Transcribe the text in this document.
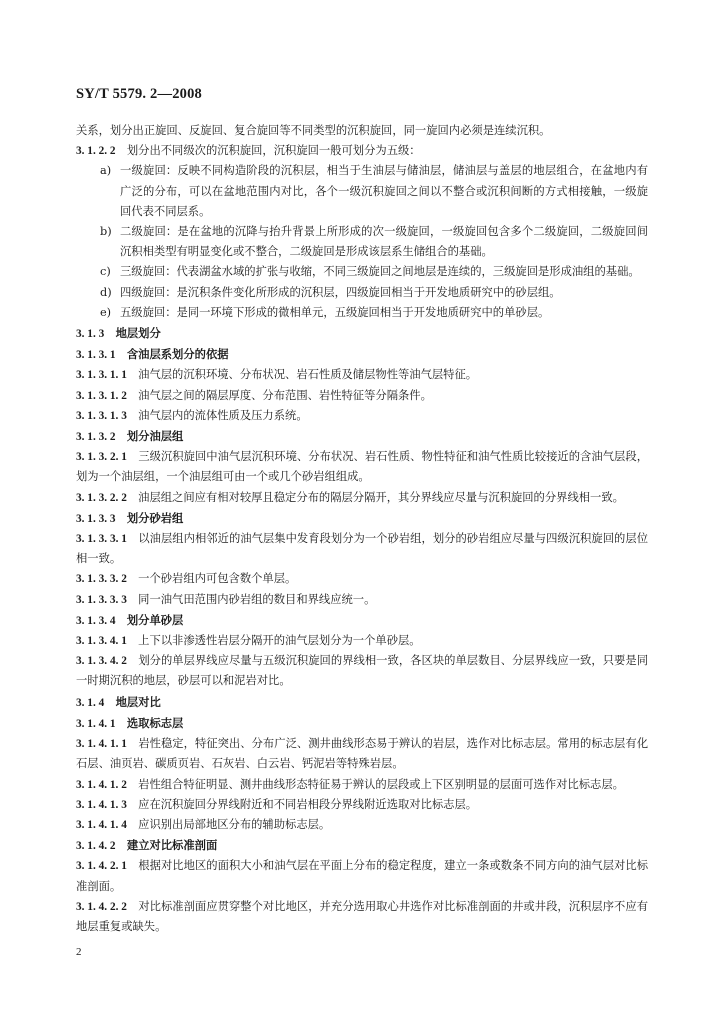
SY/T 5579. 2—2008

关系，划分出正旋回、反旋回、复合旋回等不同类型的沉积旋回，同一旋回内必须是连续沉积。

3. 1. 2. 2　 划分出不同级次的沉积旋回，沉积旋回一般可划分为五级：

a) 一级旋回：反映不同构造阶段的沉积层，相当于生油层与储油层，储油层与盖层的地层组合，在盆地内有广泛的分布，可以在盆地范围内对比，各个一级沉积旋回之间以不整合或沉积间断的方式相接触，一级旋回代表不同层系。
b) 二级旋回：是在盆地的沉降与抬升背景上所形成的次一级旋回，一级旋回包含多个二级旋回，二级旋回间沉积相类型有明显变化或不整合，二级旋回是形成该层系生储组合的基础。
c) 三级旋回：代表湖盆水域的扩张与收缩，不同三级旋回之间地层是连续的，三级旋回是形成油组的基础。
d) 四级旋回：是沉积条件变化所形成的沉积层，四级旋回相当于开发地质研究中的砂层组。
e) 五级旋回：是同一环境下形成的微相单元，五级旋回相当于开发地质研究中的单砂层。

3. 1. 3　 地层划分

3. 1. 3. 1　 含油层系划分的依据

3. 1. 3. 1. 1　 油气层的沉积环境、分布状况、岩石性质及储层物性等油气层特征。

3. 1. 3. 1. 2　 油气层之间的隔层厚度、分布范围、岩性特征等分隔条件。

3. 1. 3. 1. 3　 油气层内的流体性质及压力系统。

3. 1. 3. 2　 划分油层组

3. 1. 3. 2. 1　 三级沉积旋回中油气层沉积环境、分布状况、岩石性质、物性特征和油气性质比较接近的含油气层段，划为一个油层组，一个油层组可由一个或几个砂岩组组成。

3. 1. 3. 2. 2　 油层组之间应有相对较厚且稳定分布的隔层分隔开，其分界线应尽量与沉积旋回的分界线相一致。

3. 1. 3. 3　 划分砂岩组

3. 1. 3. 3. 1　 以油层组内相邻近的油气层集中发育段划分为一个砂岩组，划分的砂岩组应尽量与四级沉积旋回的层位相一致。

3. 1. 3. 3. 2　 一个砂岩组内可包含数个单层。

3. 1. 3. 3. 3　 同一油气田范围内砂岩组的数目和界线应统一。

3. 1. 3. 4　 划分单砂层

3. 1. 3. 4. 1　 上下以非渗透性岩层分隔开的油气层划分为一个单砂层。

3. 1. 3. 4. 2　 划分的单层界线应尽量与五级沉积旋回的界线相一致，各区块的单层数目、分层界线应一致，只要是同一时期沉积的地层，砂层可以和泥岩对比。

3. 1. 4　 地层对比

3. 1. 4. 1　 选取标志层

3. 1. 4. 1. 1　 岩性稳定，特征突出、分布广泛、测井曲线形态易于辨认的岩层，选作对比标志层。常用的标志层有化石层、油页岩、碳质页岩、石灰岩、白云岩、钙泥岩等特殊岩层。

3. 1. 4. 1. 2　 岩性组合特征明显、测井曲线形态特征易于辨认的层段或上下区别明显的层面可选作对比标志层。

3. 1. 4. 1. 3　 应在沉积旋回分界线附近和不同岩相段分界线附近选取对比标志层。

3. 1. 4. 1. 4　 应识别出局部地区分布的辅助标志层。

3. 1. 4. 2　 建立对比标准剖面

3. 1. 4. 2. 1　 根据对比地区的面积大小和油气层在平面上分布的稳定程度，建立一条或数条不同方向的油气层对比标准剖面。

3. 1. 4. 2. 2　 对比标准剖面应贯穿整个对比地区，并充分选用取心井选作对比标准剖面的井或井段，沉积层序不应有地层重复或缺失。

2
